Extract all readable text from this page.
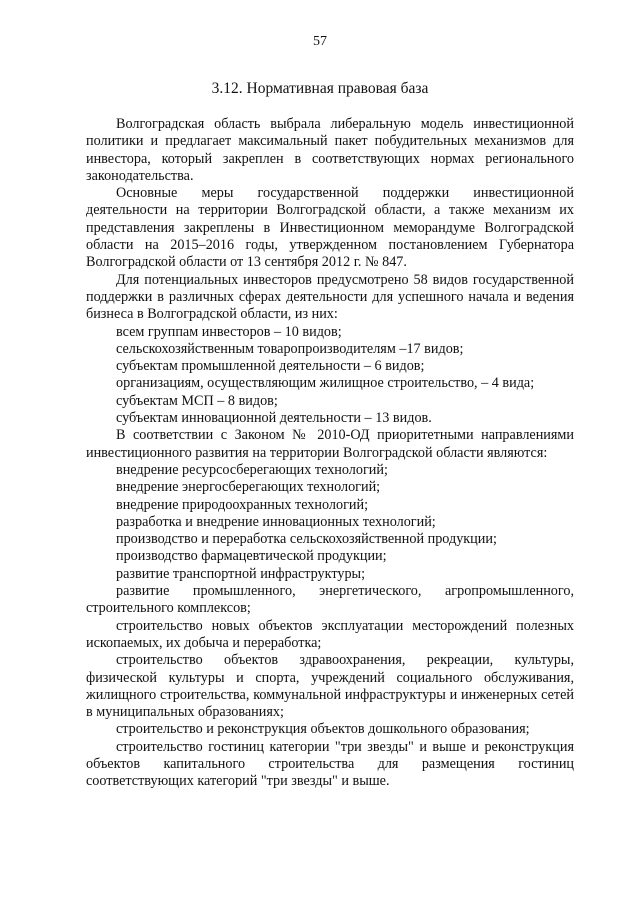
57
3.12. Нормативная правовая база

Волгоградская область выбрала либеральную модель инвестиционной политики и предлагает максимальный пакет побудительных механизмов для инвестора, который закреплен в соответствующих нормах регионального законодательства.

Основные меры государственной поддержки инвестиционной деятельности на территории Волгоградской области, а также механизм их представления закреплены в Инвестиционном меморандуме Волгоградской области на 2015–2016 годы, утвержденном постановлением Губернатора Волгоградской области от 13 сентября 2012 г. № 847.

Для потенциальных инвесторов предусмотрено 58 видов государственной поддержки в различных сферах деятельности для успешного начала и ведения бизнеса в Волгоградской области, из них:

всем группам инвесторов – 10 видов;

сельскохозяйственным товаропроизводителям –17 видов;

субъектам промышленной деятельности – 6 видов;

организациям, осуществляющим жилищное строительство, – 4 вида;

субъектам МСП – 8 видов;

субъектам инновационной деятельности – 13 видов.

В соответствии с Законом № 2010-ОД приоритетными направлениями инвестиционного развития на территории Волгоградской области являются:

внедрение ресурсосберегающих технологий;

внедрение энергосберегающих технологий;

внедрение природоохранных технологий;

разработка и внедрение инновационных технологий;

производство и переработка сельскохозяйственной продукции;

производство фармацевтической продукции;

развитие транспортной инфраструктуры;

развитие промышленного, энергетического, агропромышленного, строительного комплексов;

строительство новых объектов эксплуатации месторождений полезных ископаемых, их добыча и переработка;

строительство объектов здравоохранения, рекреации, культуры, физической культуры и спорта, учреждений социального обслуживания, жилищного строительства, коммунальной инфраструктуры и инженерных сетей в муниципальных образованиях;

строительство и реконструкция объектов дошкольного образования;

строительство гостиниц категории "три звезды" и выше и реконструкция объектов капитального строительства для размещения гостиниц соответствующих категорий "три звезды" и выше.
